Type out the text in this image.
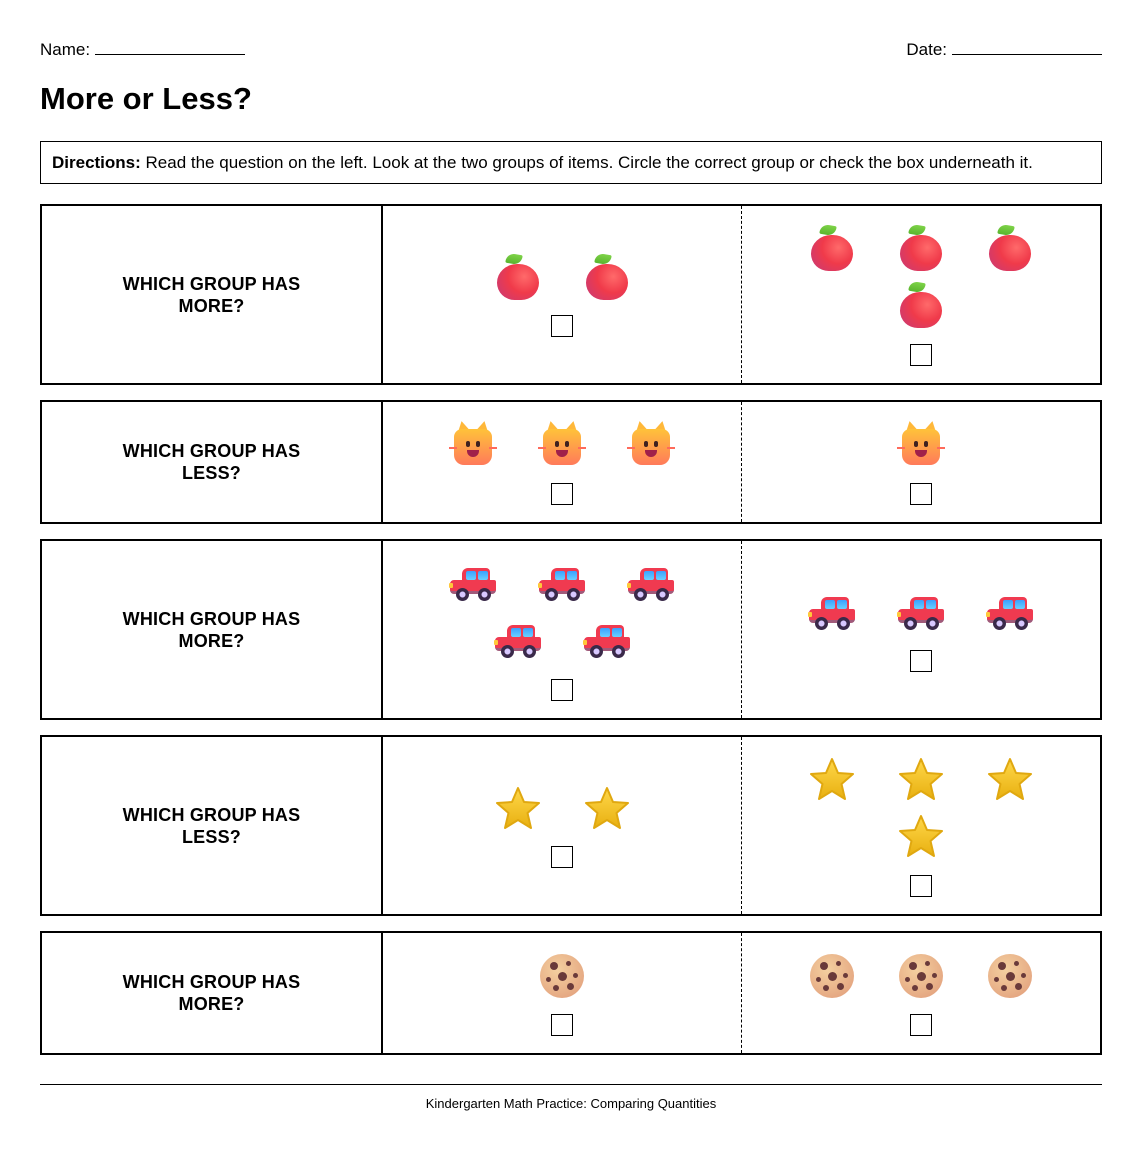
Name:	Date:
More or Less?
Directions: Read the question on the left. Look at the two groups of items. Circle the correct group or check the box underneath it.
WHICH GROUP HAS MORE?
WHICH GROUP HAS LESS?
WHICH GROUP HAS MORE?
WHICH GROUP HAS LESS?
WHICH GROUP HAS MORE?
Kindergarten Math Practice: Comparing Quantities
